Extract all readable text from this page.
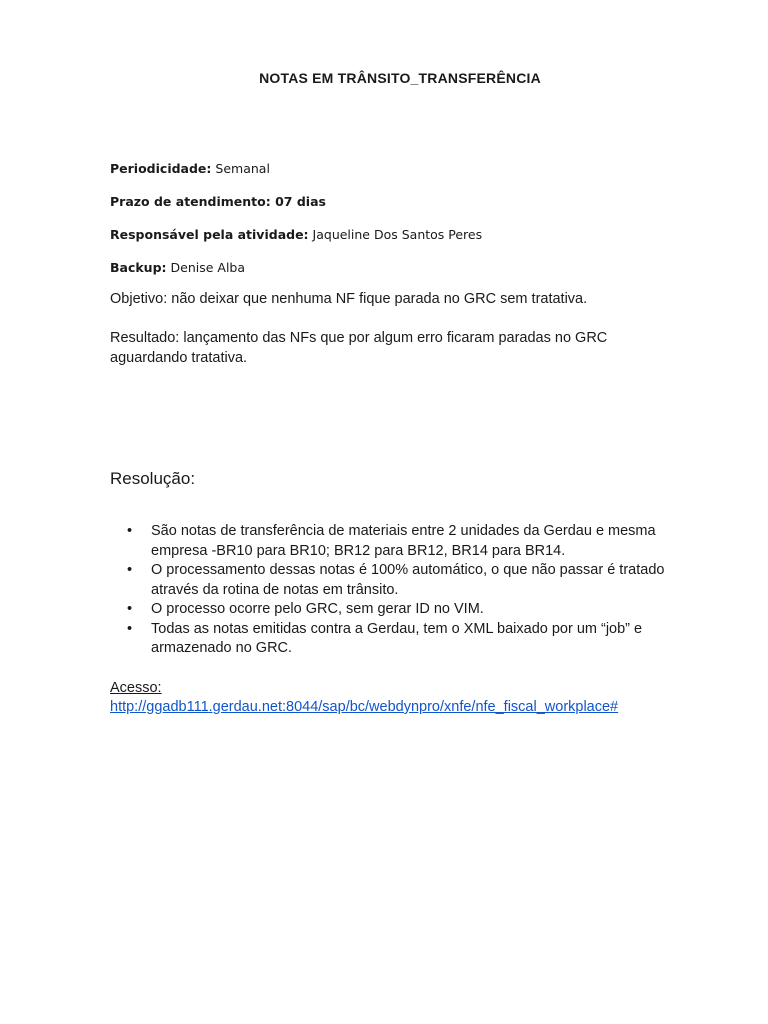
NOTAS EM TRÂNSITO_TRANSFERÊNCIA
Periodicidade: Semanal
Prazo de atendimento: 07 dias
Responsável pela atividade: Jaqueline Dos Santos Peres
Backup: Denise Alba
Objetivo: não deixar que nenhuma NF fique parada no GRC sem tratativa.
Resultado: lançamento das NFs que por algum erro ficaram paradas no GRC aguardando tratativa.
Resolução:
• São notas de transferência de materiais entre 2 unidades da Gerdau e mesma empresa -BR10 para BR10; BR12 para BR12, BR14 para BR14.
• O processamento dessas notas é 100% automático, o que não passar é tratado através da rotina de notas em trânsito.
• O processo ocorre pelo GRC, sem gerar ID no VIM.
• Todas as notas emitidas contra a Gerdau, tem o XML baixado por um “job” e armazenado no GRC.
Acesso:
http://ggadb111.gerdau.net:8044/sap/bc/webdynpro/xnfe/nfe_fiscal_workplace#
